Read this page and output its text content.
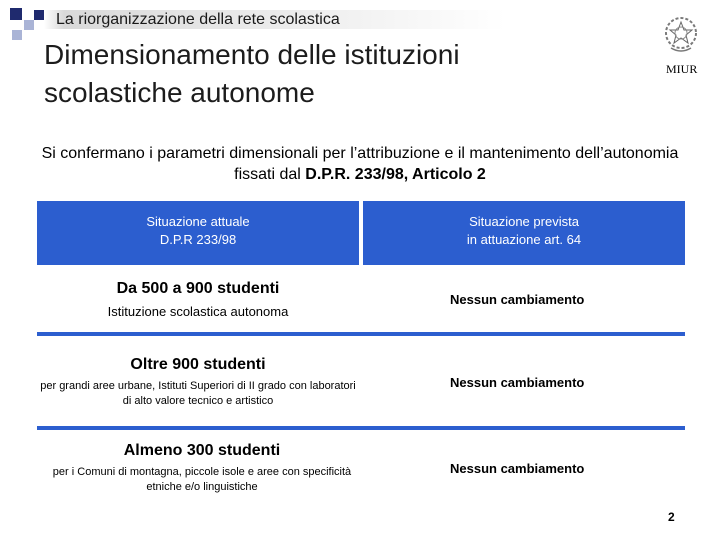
La riorganizzazione della rete scolastica
Dimensionamento delle istituzioni scolastiche autonome
MIUR
Si confermano i parametri dimensionali per l’attribuzione e il mantenimento dell’autonomia fissati dal D.P.R. 233/98, Articolo 2
Situazione attuale
D.P.R 233/98
Situazione prevista
in attuazione art. 64
Da 500 a 900 studenti
Istituzione scolastica autonoma
Nessun cambiamento
Oltre 900 studenti
per grandi aree urbane, Istituti Superiori di II grado con laboratori di alto valore tecnico e artistico
Nessun cambiamento
Almeno 300 studenti
per i Comuni di montagna, piccole isole e aree con specificità etniche e/o linguistiche
Nessun cambiamento
2
